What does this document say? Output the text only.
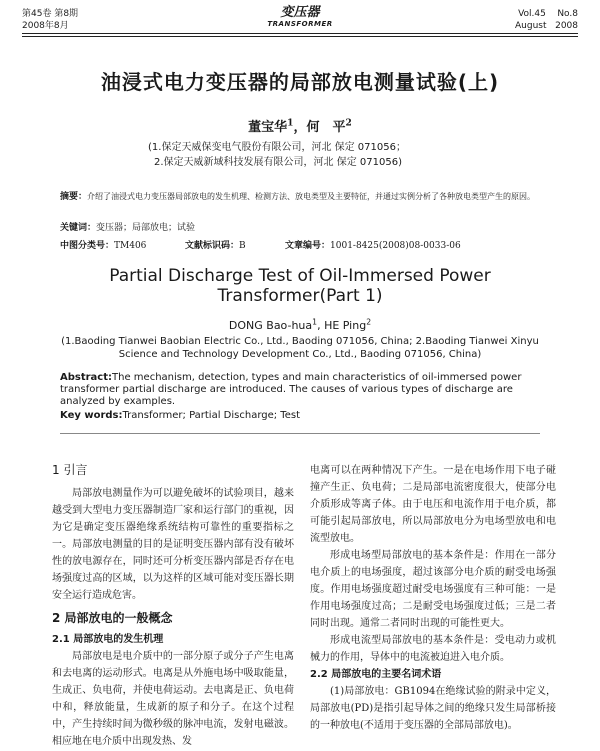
第45卷 第8期
2008年8月
变压器
TRANSFORMER
Vol.45 No.8
August 2008
油浸式电力变压器的局部放电测量试验(上)
董宝华$^1$，何　平$^2$
(1.保定天威保变电气股份有限公司，河北 保定 071056；
2.保定天威新域科技发展有限公司，河北 保定 071056)
摘要：介绍了油浸式电力变压器局部放电的发生机理、检测方法、放电类型及主要特征，并通过实例分析了各种放电类型产生的原因。
关键词：变压器；局部放电；试验
中图分类号：TM406	文献标识码：B	文章编号：1001-8425(2008)08-0033-06
Partial Discharge Test of Oil-Immersed Power
Transformer(Part 1)
DONG Bao-hua$^1$, HE Ping$^2$
(1.Baoding Tianwei Baobian Electric Co., Ltd., Baoding 071056, China; 2.Baoding Tianwei Xinyu Science and Technology Development Co., Ltd., Baoding 071056, China)
Abstract:The mechanism, detection, types and main characteristics of oil-immersed power transformer partial discharge are introduced. The causes of various types of discharge are analyzed by examples.
Key words:Transformer; Partial Discharge; Test
1 引言

局部放电测量作为可以避免破坏的试验项目，越来越受到大型电力变压器制造厂家和运行部门的重视，因为它是确定变压器绝缘系统结构可靠性的重要指标之一。局部放电测量的目的是证明变压器内部有没有破坏性的放电源存在，同时还可分析变压器内部是否存在电场强度过高的区域，以为这样的区域可能对变压器长期安全运行造成危害。

2 局部放电的一般概念
2.1 局部放电的发生机理

局部放电是电介质中的一部分原子或分子产生电离和去电离的运动形式。电离是从外施电场中吸取能量，生成正、负电荷，并使电荷运动。去电离是正、负电荷中和，释放能量，生成新的原子和分子。在这个过程中，产生持续时间为微秒级的脉冲电流，发射电磁波。相应地在电介质中出现发热、发

电离可以在两种情况下产生。一是在电场作用下电子碰撞产生正、负电荷；二是局部电流密度很大，使部分电介质形成等离子体。由于电压和电流作用于电介质，都可能引起局部放电，所以局部放电分为电场型放电和电流型放电。

形成电场型局部放电的基本条件是：作用在一部分电介质上的电场强度，超过该部分电介质的耐受电场强度。作用电场强度超过耐受电场强度有三种可能：一是作用电场强度过高；二是耐受电场强度过低；三是二者同时出现。通常二者同时出现的可能性更大。

形成电流型局部放电的基本条件是：受电动力或机械力的作用，导体中的电流被迫进入电介质。

2.2 局部放电的主要名词术语

(1)局部放电：GB1094在绝缘试验的附录中定义，局部放电(PD)是指引起导体之间的绝缘只发生局部桥接的一种放电(不适用于变压器的全部局部放电)。
